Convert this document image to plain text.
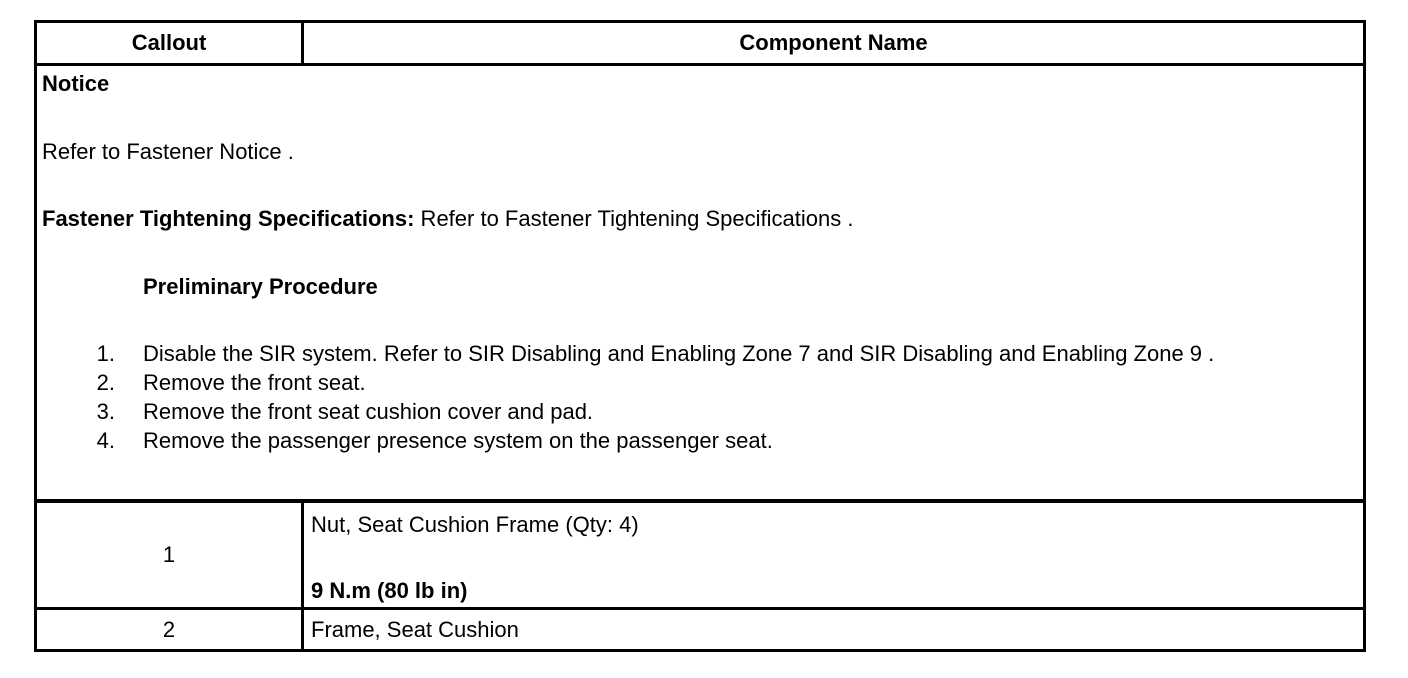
Callout	Component Name
Notice
Refer to Fastener Notice .
Fastener Tightening Specifications: Refer to Fastener Tightening Specifications .
Preliminary Procedure
1. Disable the SIR system. Refer to SIR Disabling and Enabling Zone 7 and SIR Disabling and Enabling Zone 9 .
2. Remove the front seat.
3. Remove the front seat cushion cover and pad.
4. Remove the passenger presence system on the passenger seat.
1
Nut, Seat Cushion Frame (Qty: 4)
9 N.m (80 lb in)
2	Frame, Seat Cushion
